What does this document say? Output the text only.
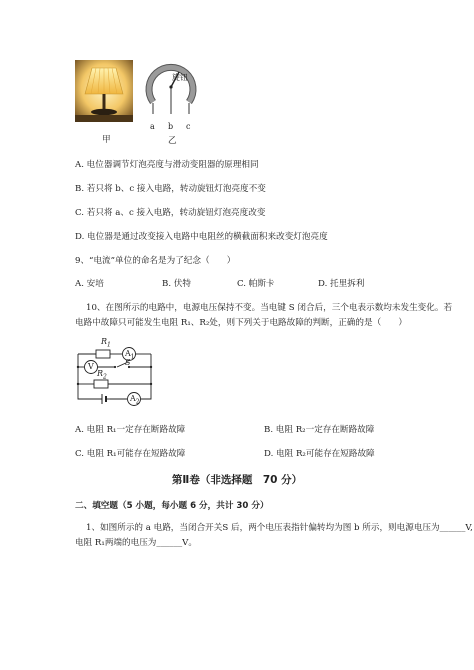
旋钮
a b c
甲	乙
A. 电位器调节灯泡亮度与滑动变阻器的原理相同
B. 若只将 b、c 接入电路，转动旋钮灯泡亮度不变
C. 若只将 a、c 接入电路，转动旋钮灯泡亮度改变
D. 电位器是通过改变接入电路中电阻丝的横截面积来改变灯泡亮度
9、“电流”单位的命名是为了纪念（　　）
A. 安培	B. 伏特	C. 帕斯卡	D. 托里拆利
10、在图所示的电路中，电源电压保持不变。当电键 S 闭合后，三个电表示数均未发生变化。若
电路中故障只可能发生电阻 R₁、R₂处，则下列关于电路故障的判断，正确的是（　　）
$R_1$
$A_1$
V	S
$R_2$
$A_2$
A. 电阻 R₁一定存在断路故障	B. 电阻 R₂一定存在断路故障
C. 电阻 R₁可能存在短路故障	D. 电阻 R₂可能存在短路故障
第Ⅱ卷（非选择题　70 分）
二、填空题（5 小题，每小题 6 分，共计 30 分）
1、如图所示的 a 电路，当闭合开关S 后，两个电压表指针偏转均为图 b 所示，则电源电压为______V,
电阻 R₁两端的电压为______V。
